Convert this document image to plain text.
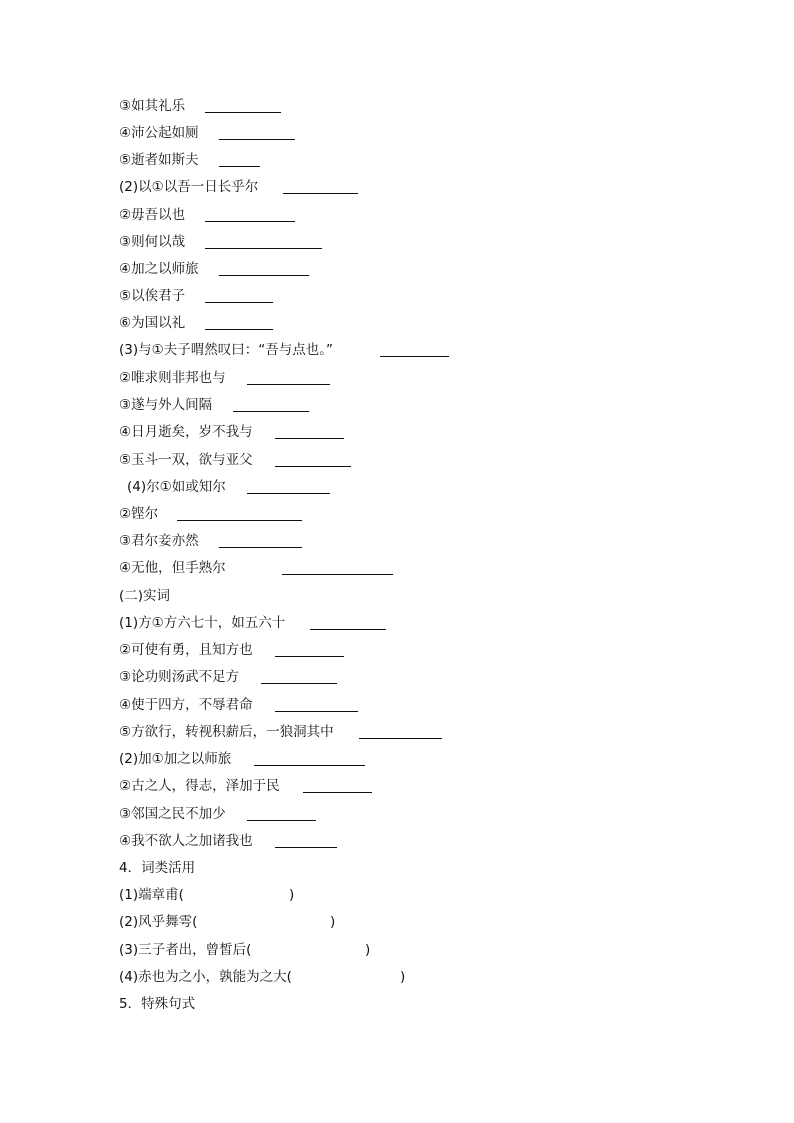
③如其礼乐
④沛公起如厕
⑤逝者如斯夫
(2)以①以吾一日长乎尔
②毋吾以也
③则何以哉
④加之以师旅
⑤以俟君子
⑥为国以礼
(3)与①夫子喟然叹曰：“吾与点也。”
②唯求则非邦也与
③遂与外人间隔
④日月逝矣，岁不我与
⑤玉斗一双，欲与亚父
(4)尔①如或知尔
②铿尔
③君尔妾亦然
④无他，但手熟尔
(二)实词
(1)方①方六七十，如五六十
②可使有勇，且知方也
③论功则汤武不足方
④使于四方，不辱君命
⑤方欲行，转视积薪后，一狼洞其中
(2)加①加之以师旅
②古之人，得志，泽加于民
③邻国之民不加少
④我不欲人之加诸我也
4．词类活用
(1)端章甫(	)
(2)风乎舞雩(	)
(3)三子者出，曾皙后(	)
(4)赤也为之小，孰能为之大(	)
5．特殊句式
